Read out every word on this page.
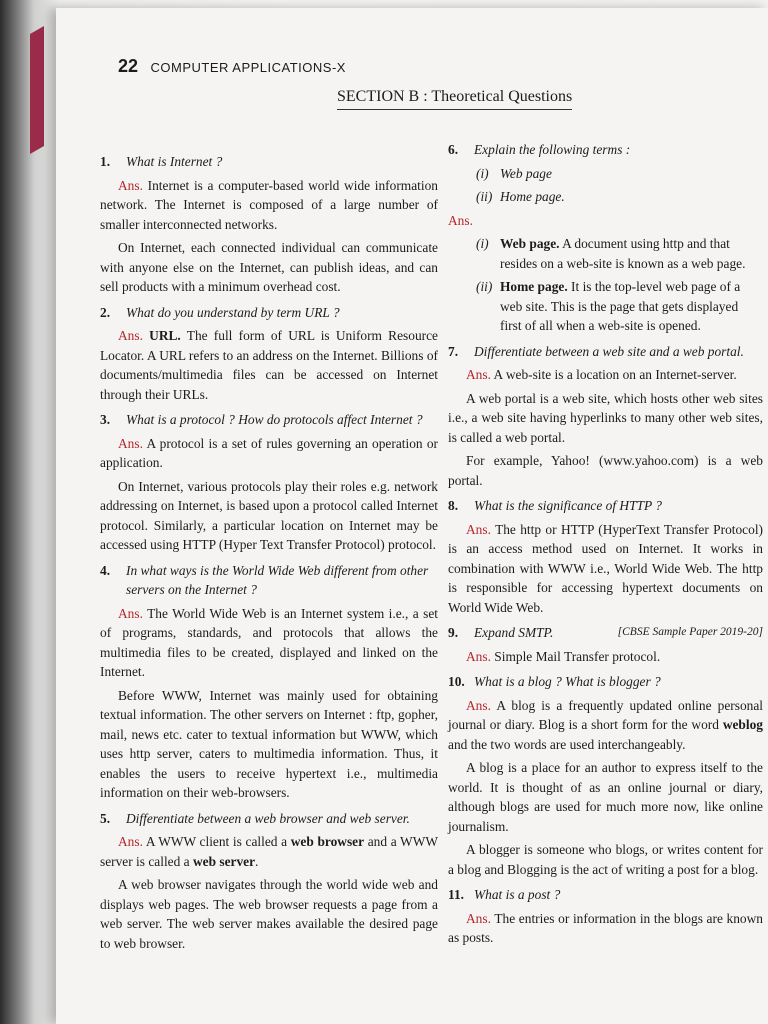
22 COMPUTER APPLICATIONS-X
SECTION B : Theoretical Questions
1.	What is Internet ?

Ans. Internet is a computer-based world wide information network. The Internet is composed of a large number of smaller interconnected networks.

On Internet, each connected individual can communicate with anyone else on the Internet, can publish ideas, and can sell products with a minimum overhead cost.

2.	What do you understand by term URL ?

Ans. URL. The full form of URL is Uniform Resource Locator. A URL refers to an address on the Internet. Billions of documents/multimedia files can be accessed on Internet through their URLs.

3.	What is a protocol ? How do protocols affect Internet ?

Ans. A protocol is a set of rules governing an operation or application.

On Internet, various protocols play their roles e.g. network addressing on Internet, is based upon a protocol called Internet protocol. Similarly, a particular location on Internet may be accessed using HTTP (Hyper Text Transfer Protocol) protocol.

4.	In what ways is the World Wide Web different from other servers on the Internet ?

Ans. The World Wide Web is an Internet system i.e., a set of programs, standards, and protocols that allows the multimedia files to be created, displayed and linked on the Internet.

Before WWW, Internet was mainly used for obtaining textual information. The other servers on Internet : ftp, gopher, mail, news etc. cater to textual information but WWW, which uses http server, caters to multimedia information. Thus, it enables the users to receive hypertext i.e., multimedia information on their web-browsers.

5.	Differentiate between a web browser and web server.

Ans. A WWW client is called a web browser and a WWW server is called a web server.

A web browser navigates through the world wide web and displays web pages. The web browser requests a page from a web server. The web server makes available the desired page to web browser.

6.	Explain the following terms :
(i) Web page
(ii) Home page.

Ans.

(i) Web page. A document using http and that resides on a web-site is known as a web page.
(ii) Home page. It is the top-level web page of a web site. This is the page that gets displayed first of all when a web-site is opened.
7.	Differentiate between a web site and a web portal.

Ans. A web-site is a location on an Internet-server.

A web portal is a web site, which hosts other web sites i.e., a web site having hyperlinks to many other web sites, is called a web portal.

For example, Yahoo! (www.yahoo.com) is a web portal.

8.	What is the significance of HTTP ?

Ans. The http or HTTP (HyperText Transfer Protocol) is an access method used on Internet. It works in combination with WWW i.e., World Wide Web. The http is responsible for accessing hypertext documents on World Wide Web.

9.	Expand SMTP.	[CBSE Sample Paper 2019-20]

Ans. Simple Mail Transfer protocol.

10. What is a blog ? What is blogger ?

Ans. A blog is a frequently updated online personal journal or diary. Blog is a short form for the word weblog and the two words are used interchangeably.

A blog is a place for an author to express itself to the world. It is thought of as an online journal or diary, although blogs are used for much more now, like online journalism.

A blogger is someone who blogs, or writes content for a blog and Blogging is the act of writing a post for a blog.

11. What is a post ?

Ans. The entries or information in the blogs are known as posts.
